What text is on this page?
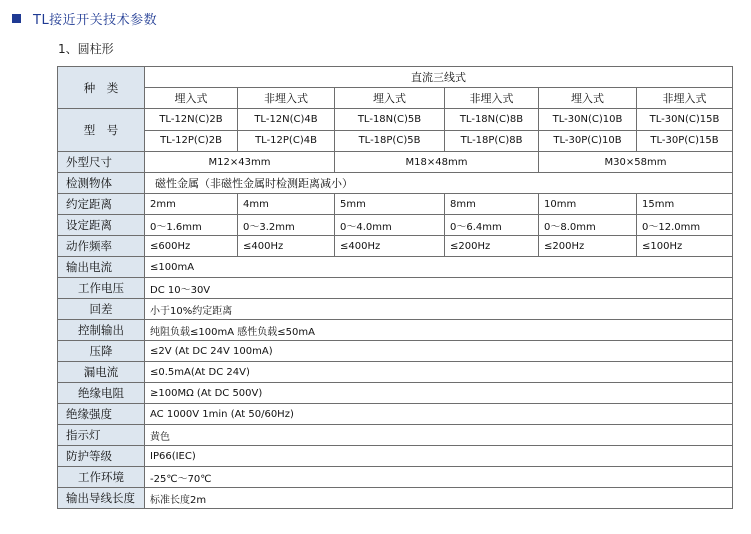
TL接近开关技术参数
1、圆柱形
种　类	直流三线式					
	埋入式	非埋入式	埋入式	非埋入式	埋入式	非埋入式
型　号	TL-12N(C)2B	TL-12N(C)4B	TL-18N(C)5B	TL-18N(C)8B	TL-30N(C)10B	TL-30N(C)15B
	TL-12P(C)2B	TL-12P(C)4B	TL-18P(C)5B	TL-18P(C)8B	TL-30P(C)10B	TL-30P(C)15B
外型尺寸	M12×43mm		M18×48mm		M30×58mm	
检测物体	磁性金属（非磁性金属时检测距离减小）					
约定距离	2mm	4mm	5mm	8mm	10mm	15mm
设定距离	0～1.6mm	0～3.2mm	0～4.0mm	0～6.4mm	0～8.0mm	0～12.0mm
动作频率	≤600Hz	≤400Hz	≤400Hz	≤200Hz	≤200Hz	≤100Hz
输出电流	≤100mA					
工作电压	DC 10～30V					
回差	小于10%约定距离					
控制输出	纯阻负载≤100mA 感性负载≤50mA					
压降	≤2V (At DC 24V 100mA)					
漏电流	≤0.5mA(At DC 24V)					
绝缘电阻	≥100MΩ (At DC 500V)					
绝缘强度	AC 1000V 1min (At 50/60Hz)					
指示灯	黄色					
防护等级	IP66(IEC)					
工作环境	-25℃～70℃					
输出导线长度	标准长度2m					
